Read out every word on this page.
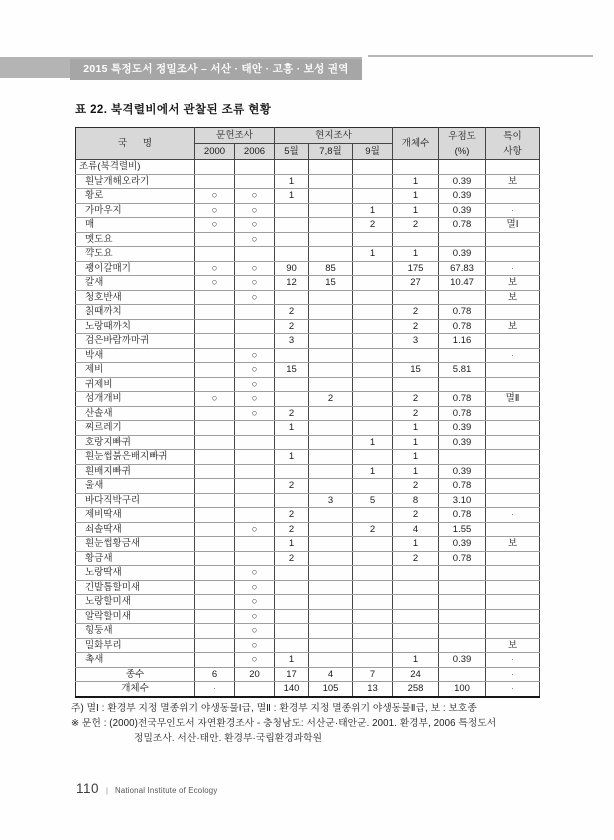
2015 특정도서 정밀조사 – 서산 · 태안 · 고흥 · 보성 권역
표 22. 북격렬비에서 관찰된 조류 현황
국      명	문헌조사		현지조사			개체수	우점도
(%)	특이
사항
	2000	2006	5월	7,8월	9월			
조류(북격렬비)								
흰날개해오라기			1			1	0.39	보
황로	○	○	1			1	0.39	
가마우지	○	○			1	1	0.39	·
매	○	○			2	2	0.78	멸Ⅰ
멧도요		○						
꺅도요					1	1	0.39	
괭이갈매기	○	○	90	85		175	67.83	·
칼새	○	○	12	15		27	10.47	보
청호반새		○						보
칡때까치			2			2	0.78	
노랑때까치			2			2	0.78	보
검은바람까마귀			3			3	1.16	
박새		○						·
제비		○	15			15	5.81	
귀제비		○						
섬개개비	○	○		2		2	0.78	멸Ⅱ
산솔새		○	2			2	0.78	
찌르레기			1			1	0.39	
호랑지빠귀					1	1	0.39	
흰눈썹붉은배지빠귀			1			1		
흰배지빠귀					1	1	0.39	
울새			2			2	0.78	
바다직박구리				3	5	8	3.10	
제비딱새			2			2	0.78	·
쇠솔딱새		○	2		2	4	1.55	
흰눈썹황금새			1			1	0.39	보
황금새			2			2	0.78	
노랑딱새		○						
긴발톱할미새		○						
노랑할미새		○						
알락할미새		○						
힝둥새		○						
밀화부리		○						보
촉새		○	1			1	0.39	·
종수	6	20	17	4	7	24		·
개체수	·		140	105	13	258	100	·
주) 멸Ⅰ : 환경부 지정 멸종위기 야생동물Ⅰ급, 멸Ⅱ : 환경부 지정 멸종위기 야생동물Ⅱ급, 보 : 보호종
※ 문헌 : (2000)전국무인도서 자연환경조사 - 충청남도: 서산군·태안군. 2001. 환경부, 2006 특정도서
정밀조사. 서산·태안. 환경부·국립환경과학원
110 | National Institute of Ecology
